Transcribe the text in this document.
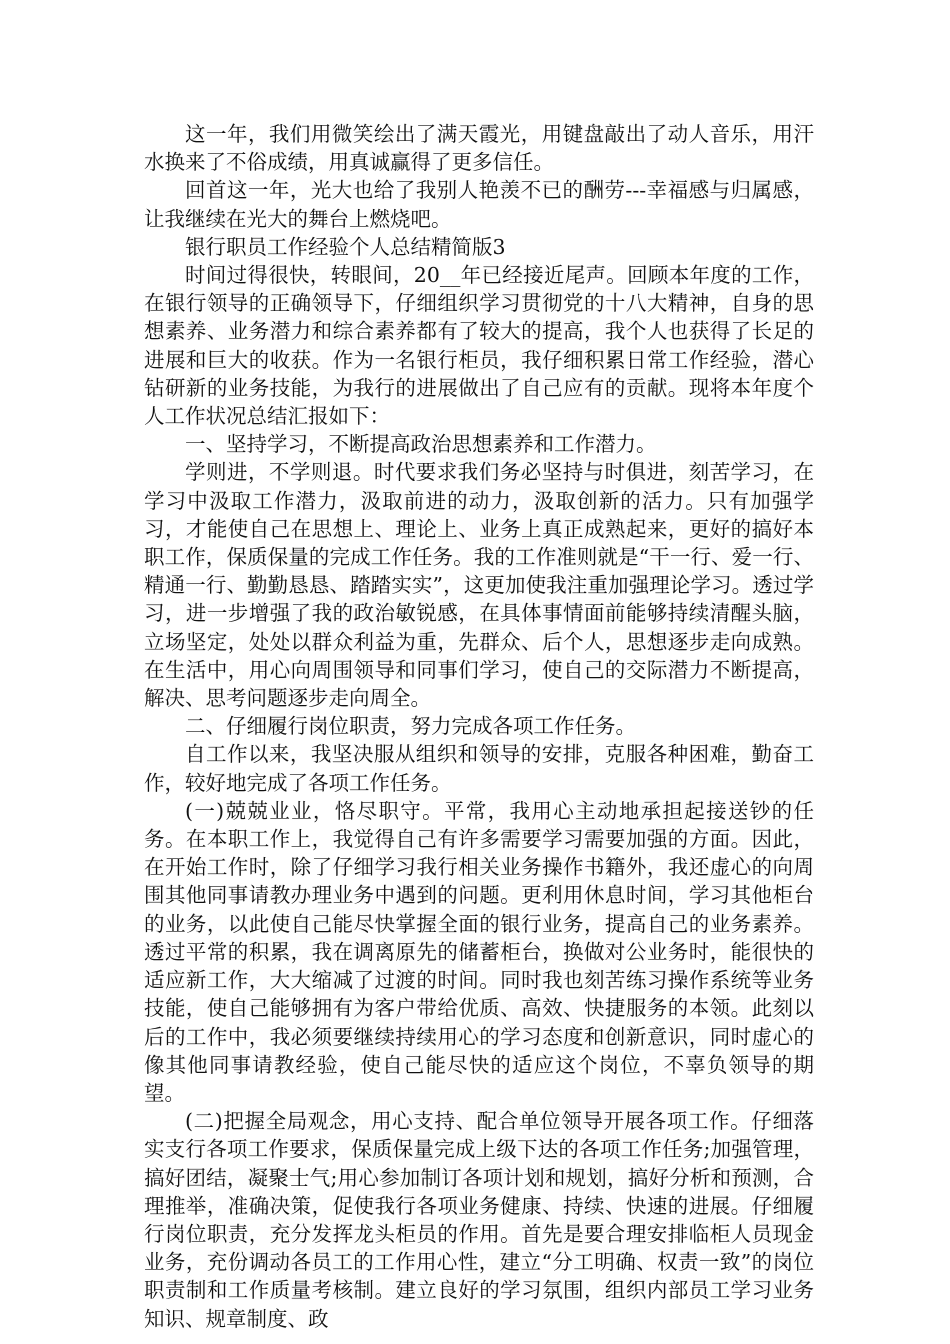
这一年，我们用微笑绘出了满天霞光，用键盘敲出了动人音乐，用汗水换来了不俗成绩，用真诚赢得了更多信任。

回首这一年，光大也给了我别人艳羡不已的酬劳---幸福感与归属感，让我继续在光大的舞台上燃烧吧。

银行职员工作经验个人总结精简版3

时间过得很快，转眼间，20__年已经接近尾声。回顾本年度的工作，在银行领导的正确领导下，仔细组织学习贯彻党的十八大精神，自身的思想素养、业务潜力和综合素养都有了较大的提高，我个人也获得了长足的进展和巨大的收获。作为一名银行柜员，我仔细积累日常工作经验，潜心钻研新的业务技能，为我行的进展做出了自己应有的贡献。现将本年度个人工作状况总结汇报如下：

一、坚持学习，不断提高政治思想素养和工作潜力。

学则进，不学则退。时代要求我们务必坚持与时俱进，刻苦学习，在学习中汲取工作潜力，汲取前进的动力，汲取创新的活力。只有加强学习，才能使自己在思想上、理论上、业务上真正成熟起来，更好的搞好本职工作，保质保量的完成工作任务。我的工作准则就是“干一行、爱一行、精通一行、勤勤恳恳、踏踏实实”，这更加使我注重加强理论学习。透过学习，进一步增强了我的政治敏锐感，在具体事情面前能够持续清醒头脑，立场坚定，处处以群众利益为重，先群众、后个人，思想逐步走向成熟。在生活中，用心向周围领导和同事们学习，使自己的交际潜力不断提高，解决、思考问题逐步走向周全。

二、仔细履行岗位职责，努力完成各项工作任务。

自工作以来，我坚决服从组织和领导的安排，克服各种困难，勤奋工作，较好地完成了各项工作任务。

(一)兢兢业业，恪尽职守。平常，我用心主动地承担起接送钞的任务。在本职工作上，我觉得自己有许多需要学习需要加强的方面。因此，在开始工作时，除了仔细学习我行相关业务操作书籍外，我还虚心的向周围其他同事请教办理业务中遇到的问题。更利用休息时间，学习其他柜台的业务，以此使自己能尽快掌握全面的银行业务，提高自己的业务素养。透过平常的积累，我在调离原先的储蓄柜台，换做对公业务时，能很快的适应新工作，大大缩减了过渡的时间。同时我也刻苦练习操作系统等业务技能，使自己能够拥有为客户带给优质、高效、快捷服务的本领。此刻以后的工作中，我必须要继续持续用心的学习态度和创新意识，同时虚心的像其他同事请教经验，使自己能尽快的适应这个岗位，不辜负领导的期望。

(二)把握全局观念，用心支持、配合单位领导开展各项工作。仔细落实支行各项工作要求，保质保量完成上级下达的各项工作任务;加强管理，搞好团结，凝聚士气;用心参加制订各项计划和规划，搞好分析和预测，合理推举，准确决策，促使我行各项业务健康、持续、快速的进展。仔细履行岗位职责，充分发挥龙头柜员的作用。首先是要合理安排临柜人员现金业务，充份调动各员工的工作用心性，建立“分工明确、权责一致”的岗位职责制和工作质量考核制。建立良好的学习氛围，组织内部员工学习业务知识、规章制度、政
